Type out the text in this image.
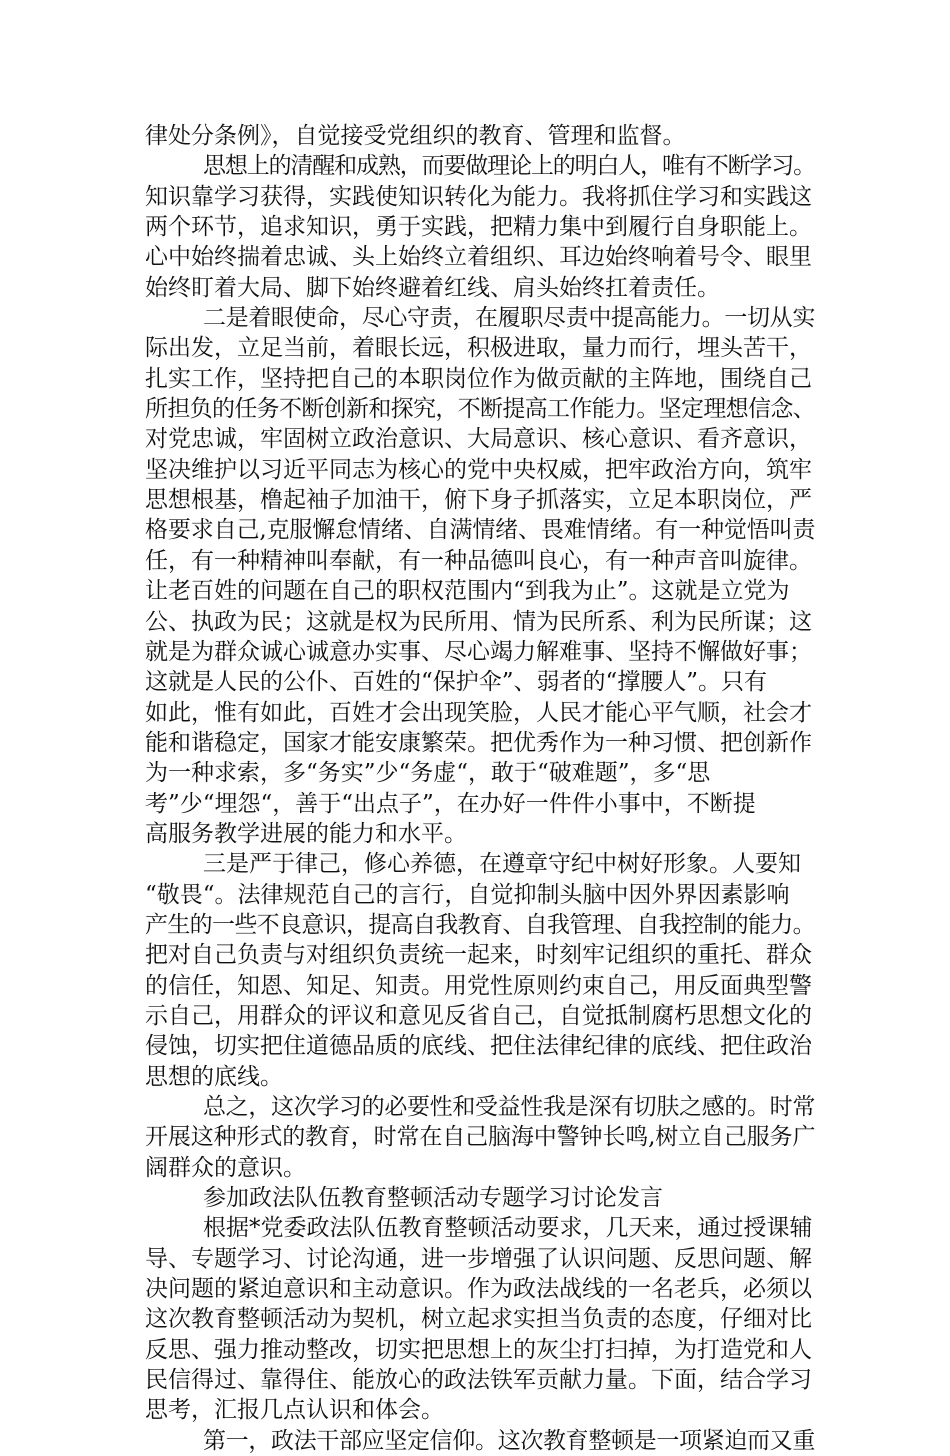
律处分条例》，自觉接受党组织的教育、管理和监督。
思想上的清醒和成熟，而要做理论上的明白人，唯有不断学习。
知识靠学习获得，实践使知识转化为能力。我将抓住学习和实践这
两个环节，追求知识，勇于实践，把精力集中到履行自身职能上。
心中始终揣着忠诚、头上始终立着组织、耳边始终响着号令、眼里
始终盯着大局、脚下始终避着红线、肩头始终扛着责任。
二是着眼使命，尽心守责，在履职尽责中提高能力。一切从实
际出发，立足当前，着眼长远，积极进取，量力而行，埋头苦干，
扎实工作，坚持把自己的本职岗位作为做贡献的主阵地，围绕自己
所担负的任务不断创新和探究，不断提高工作能力。坚定理想信念、
对党忠诚，牢固树立政治意识、大局意识、核心意识、看齐意识，
坚决维护以习近平同志为核心的党中央权威，把牢政治方向，筑牢
思想根基，橹起袖子加油干，俯下身子抓落实，立足本职岗位，严
格要求自己,克服懈怠情绪、自满情绪、畏难情绪。有一种觉悟叫责
任，有一种精神叫奉献，有一种品德叫良心，有一种声音叫旋律。
让老百姓的问题在自己的职权范围内“到我为止”。这就是立党为
公、执政为民；这就是权为民所用、情为民所系、利为民所谋；这
就是为群众诚心诚意办实事、尽心竭力解难事、坚持不懈做好事；
这就是人民的公仆、百姓的“保护伞”、弱者的“撑腰人”。只有
如此，惟有如此，百姓才会出现笑脸，人民才能心平气顺，社会才
能和谐稳定，国家才能安康繁荣。把优秀作为一种习惯、把创新作
为一种求索，多“务实”少“务虚“，敢于“破难题”，多“思
考”少“埋怨“，善于“出点子”，在办好一件件小事中，不断提
高服务教学进展的能力和水平。
三是严于律己，修心养德，在遵章守纪中树好形象。人要知
“敬畏“。法律规范自己的言行，自觉抑制头脑中因外界因素影响
产生的一些不良意识，提高自我教育、自我管理、自我控制的能力。
把对自己负责与对组织负责统一起来，时刻牢记组织的重托、群众
的信任，知恩、知足、知责。用党性原则约束自己，用反面典型警
示自己，用群众的评议和意见反省自己，自觉抵制腐朽思想文化的
侵蚀，切实把住道德品质的底线、把住法律纪律的底线、把住政治
思想的底线。
总之，这次学习的必要性和受益性我是深有切肤之感的。时常
开展这种形式的教育，时常在自己脑海中警钟长鸣,树立自己服务广
阔群众的意识。
参加政法队伍教育整顿活动专题学习讨论发言
根据*党委政法队伍教育整顿活动要求，几天来，通过授课辅
导、专题学习、讨论沟通，进一步增强了认识问题、反思问题、解
决问题的紧迫意识和主动意识。作为政法战线的一名老兵，必须以
这次教育整顿活动为契机，树立起求实担当负责的态度，仔细对比
反思、强力推动整改，切实把思想上的灰尘打扫掉，为打造党和人
民信得过、靠得住、能放心的政法铁军贡献力量。下面，结合学习
思考，汇报几点认识和体会。
第一，政法干部应坚定信仰。这次教育整顿是一项紧迫而又重
